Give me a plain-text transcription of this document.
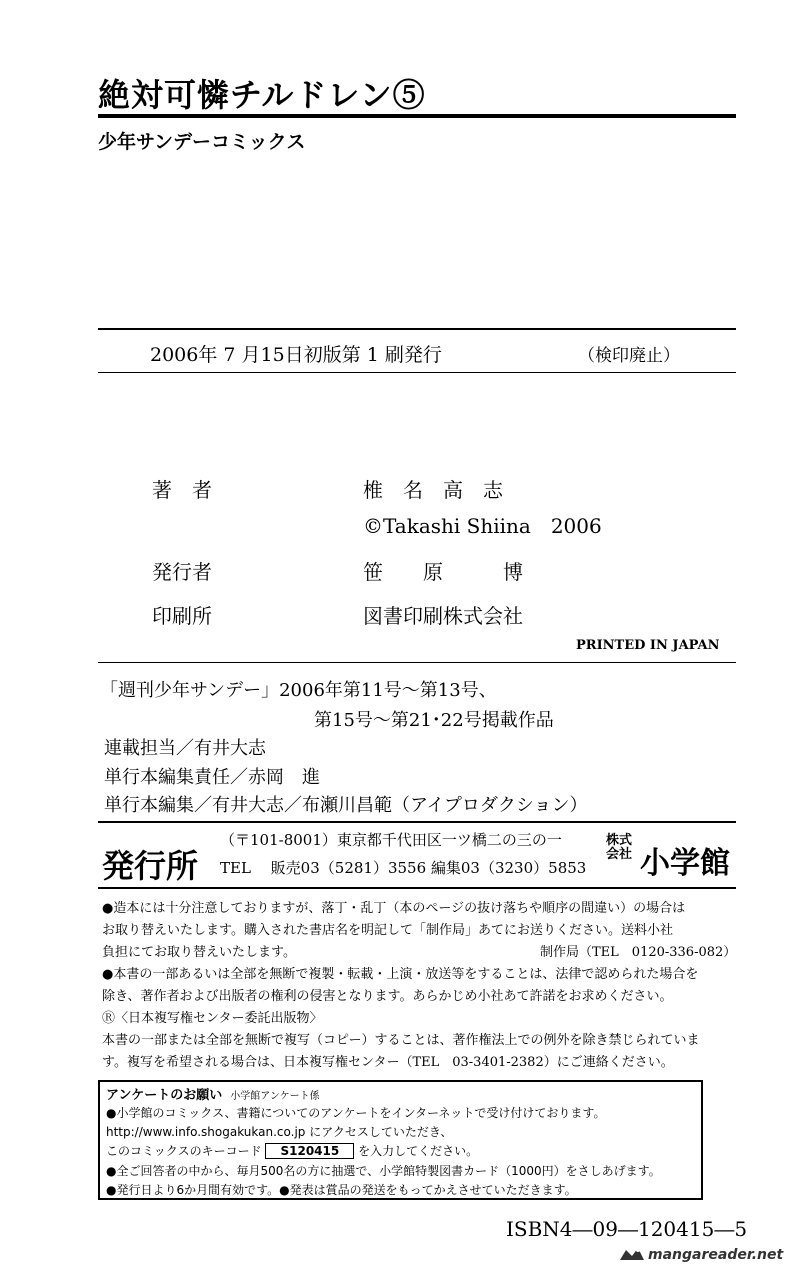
絶対可憐チルドレン⑤
少年サンデーコミックス
2006年 7 月15日初版第 1 刷発行	（検印廃止）
著　者	椎　名　高　志
©Takashi Shiina　2006
発行者	笹　　原　　　博
印刷所	図書印刷株式会社
PRINTED IN JAPAN
「週刊少年サンデー」2006年第11号〜第13号、
第15号〜第21･22号掲載作品
連載担当／有井大志
単行本編集責任／赤岡　進
単行本編集／有井大志／布瀬川昌範（アイプロダクション）
発行所
（〒101-8001）東京都千代田区一ツ橋二の三の一
TEL　 販売03（5281）3556 編集03（3230）5853
株式会社 小学館
●造本には十分注意しておりますが、落丁・乱丁（本のページの抜け落ちや順序の間違い）の場合は
お取り替えいたします。購入された書店名を明記して「制作局」あてにお送りください。送料小社
負担にてお取り替えいたします。	制作局（TEL　0120-336-082）
●本書の一部あるいは全部を無断で複製・転載・上演・放送等をすることは、法律で認められた場合を
除き、著作者および出版者の権利の侵害となります。あらかじめ小社あて許諾をお求めください。
Ⓡ〈日本複写権センター委託出版物〉
本書の一部または全部を無断で複写（コピー）することは、著作権法上での例外を除き禁じられていま
す。複写を希望される場合は、日本複写権センター（TEL　03-3401-2382）にご連絡ください。
アンケートのお願い 小学館アンケート係
●小学館のコミックス、書籍についてのアンケートをインターネットで受け付けております。
http://www.info.shogakukan.co.jp にアクセスしていただき、
このコミックスのキーコード S120415 を入力してください。
●全ご回答者の中から、毎月500名の方に抽選で、小学館特製図書カード（1000円）をさしあげます。
●発行日より6か月間有効です。●発表は賞品の発送をもってかえさせていただきます。
ISBN4―09―120415―5
mangareader.net
